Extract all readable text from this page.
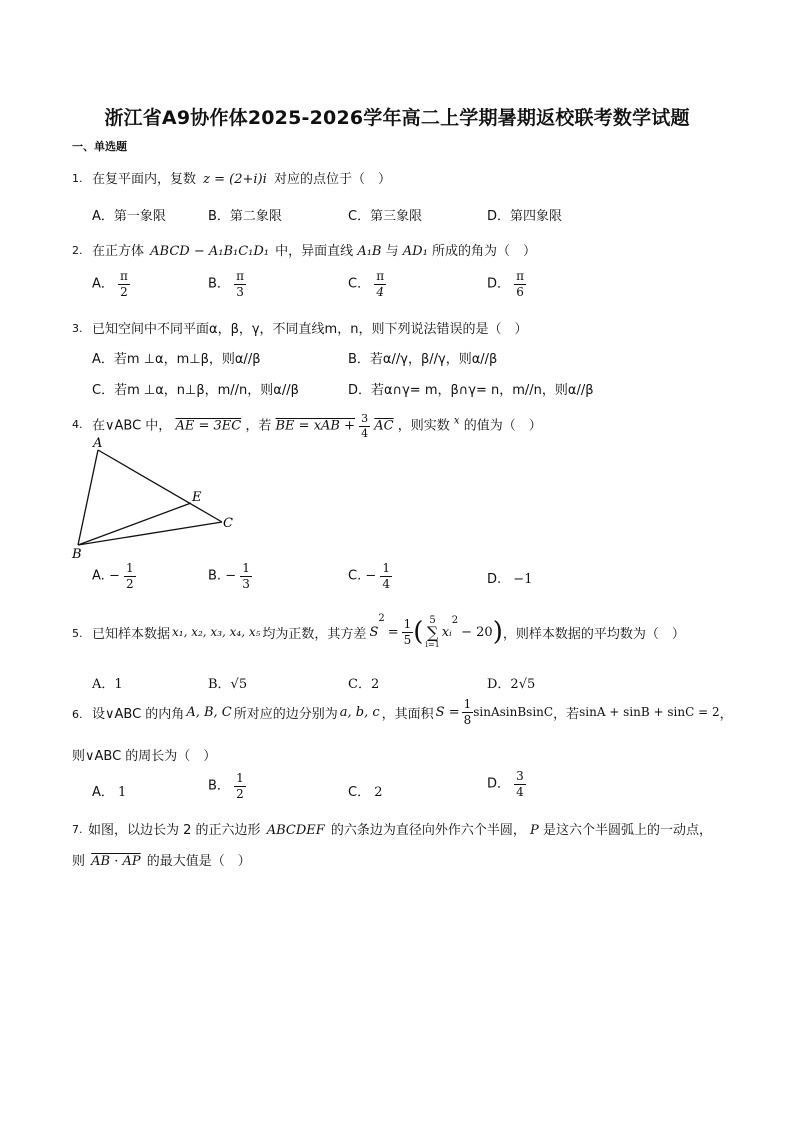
浙江省A9协作体2025-2026学年高二上学期暑期返校联考数学试题
一、单选题
1. 在复平面内，复数 z = (2+i)i 对应的点位于（　）
A．第一象限	B．第二象限	C．第三象限	D．第四象限
2. 在正方体 ABCD − A₁B₁C₁D₁ 中，异面直线 A₁B 与 AD₁ 所成的角为（　）
A． $\frac{\pi}{2}$	B． $\frac{\pi}{3}$	C． $\frac{\pi}{4}$	D． $\frac{\pi}{6}$
3. 已知空间中不同平面α，β，γ，不同直线m，n，则下列说法错误的是（　）
A．若m ⊥α，m⊥β，则α//β	B．若α//γ，β//γ，则α//β
C．若m ⊥α，n⊥β，m//n，则α//β	D．若α∩γ= m，β∩γ= n，m//n，则α//β
4. 在∨ABC 中， AE = 3EC ，若 BE = xAB + $\frac{3}{4} \overline{AC}$ ，则实数 $^x$ 的值为（　）
A
E
C
B
A. − $\frac{1}{2}$	B. − $\frac{1}{3}$	C. − $\frac{1}{4}$	D. −1
5. 已知样本数据 x₁, x₂, x₃, x₄, x₅ 均为正数，其方差 S
2
= $\frac{1}{5}$ ( 5
∑
i=1
xᵢ
2
− 20 ) ，则样本数据的平均数为（　）
A．1	B．√5	C．2	D．2√5
6. 设∨ABC 的内角 A, B, C 所对应的边分别为 a, b, c ，其面积 $S = \frac{1}{8}$ sinAsinBsinC ，若 sinA + sinB + sinC = 2 ，
则∨ABC 的周长为（　）
A． 1	B． $\frac{1}{2}$	C． 2
D． $\frac{3}{4}$
7. 如图，以边长为 2 的正六边形 ABCDEF 的六条边为直径向外作六个半圆， P 是这六个半圆弧上的一动点，
则 AB · AP 的最大值是（　）
